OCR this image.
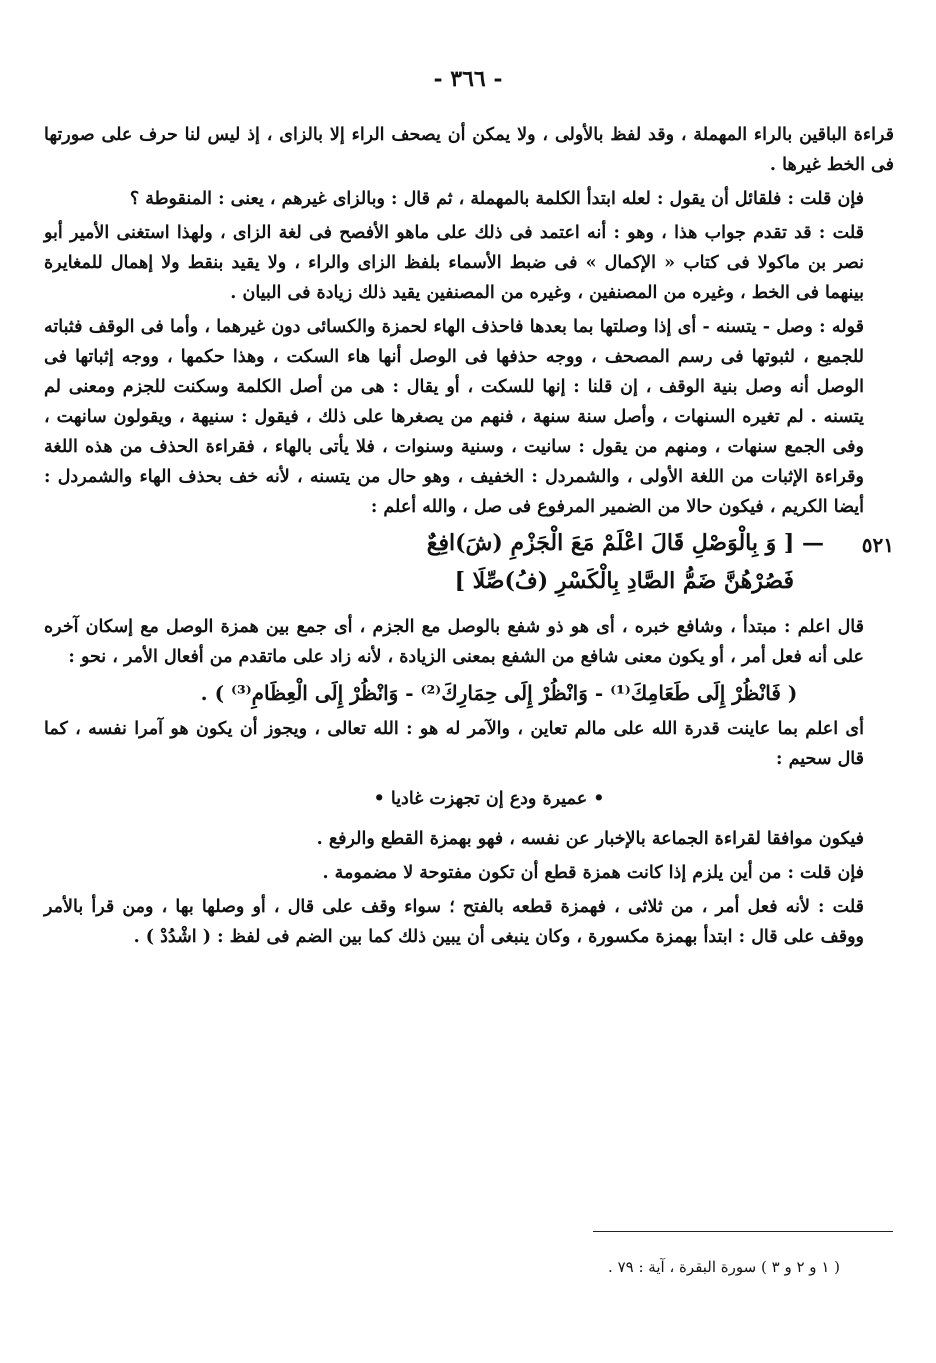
- ٣٦٦ -

قراءة الباقين بالراء المهملة ، وقد لفظ بالأولى ، ولا يمكن أن يصحف الراء إلا بالزاى ، إذ ليس لنا حرف على صورتها فى الخط غيرها .

فإن قلت : فلقائل أن يقول : لعله ابتدأ الكلمة بالمهملة ، ثم قال : وبالزاى غيرهم ، يعنى : المنقوطة ؟

قلت : قد تقدم جواب هذا ، وهو : أنه اعتمد فى ذلك على ماهو الأفصح فى لغة الزاى ، ولهذا استغنى الأمير أبو نصر بن ماكولا فى كتاب « الإكمال » فى ضبط الأسماء بلفظ الزاى والراء ، ولا يقيد بنقط ولا إهمال للمغايرة بينهما فى الخط ، وغيره من المصنفين ، وغيره من المصنفين يقيد ذلك زيادة فى البيان .

قوله : وصل - يتسنه - أى إذا وصلتها بما بعدها فاحذف الهاء لحمزة والكسائى دون غيرهما ، وأما فى الوقف فثباته للجميع ، لثبوتها فى رسم المصحف ، ووجه حذفها فى الوصل أنها هاء السكت ، وهذا حكمها ، ووجه إثباتها فى الوصل أنه وصل بنية الوقف ، إن قلنا : إنها للسكت ، أو يقال : هى من أصل الكلمة وسكنت للجزم ومعنى لم يتسنه . لم تغيره السنهات ، وأصل سنة سنهة ، فنهم من يصغرها على ذلك ، فيقول : سنيهة ، ويقولون سانهت ، وفى الجمع سنهات ، ومنهم من يقول : سانيت ، وسنية وسنوات ، فلا يأتى بالهاء ، فقراءة الحذف من هذه اللغة وقراءة الإثبات من اللغة الأولى ، والشمردل : الخفيف ، وهو حال من يتسنه ، لأنه خف بحذف الهاء والشمردل : أيضا الكريم ، فيكون حالا من الضمير المرفوع فى صل ، والله أعلم :

٥٢١
— [ وَ بِالْوَصْلِ قَالَ اعْلَمْ مَعَ الْجَزْمِ (شَ)افِعٌ
فَصُرْهُنَّ ضَمُّ الصَّادِ بِالْكَسْرِ (فُ)صِّلَا ]

قال اعلم : مبتدأ ، وشافع خبره ، أى هو ذو شفع بالوصل مع الجزم ، أى جمع بين همزة الوصل مع إسكان آخره على أنه فعل أمر ، أو يكون معنى شافع من الشفع بمعنى الزيادة ، لأنه زاد على ماتقدم من أفعال الأمر ، نحو :

( فَانْظُرْ إِلَى طَعَامِكَ⁽¹⁾ - وَانْظُرْ إِلَى حِمَارِكَ⁽²⁾ - وَانْظُرْ إِلَى الْعِظَامِ⁽³⁾ ) .

أى اعلم بما عاينت قدرة الله على مالم تعاين ، والآمر له هو : الله تعالى ، ويجوز أن يكون هو آمرا نفسه ، كما قال سحيم :

• عميرة ودع إن تجهزت غاديا •

فيكون موافقا لقراءة الجماعة بالإخبار عن نفسه ، فهو بهمزة القطع والرفع .

فإن قلت : من أين يلزم إذا كانت همزة قطع أن تكون مفتوحة لا مضمومة .

قلت : لأنه فعل أمر ، من ثلاثى ، فهمزة قطعه بالفتح ؛ سواء وقف على قال ، أو وصلها بها ، ومن قرأ بالأمر ووقف على قال : ابتدأ بهمزة مكسورة ، وكان ينبغى أن يبين ذلك كما بين الضم فى لفظ : ( اشْدُدْ ) .

( ١ و ٢ و ٣ ) سورة البقرة ، آية : ٧٩ .
